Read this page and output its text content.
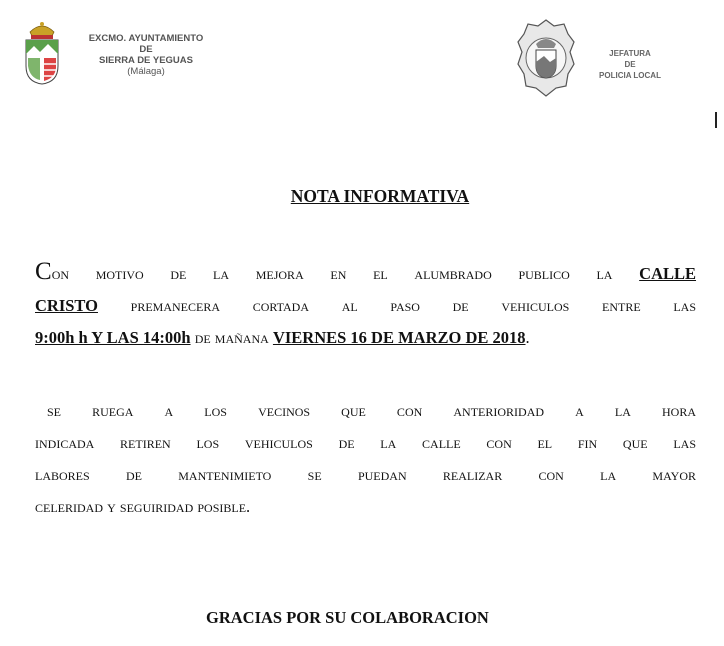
EXCMO. AYUNTAMIENTO
DE
SIERRA DE YEGUAS
(Málaga)
JEFATURA
DE
POLICIA LOCAL
NOTA INFORMATIVA
Con motivo de la mejora en el alumbrado publico la CALLE
CRISTO premanecera cortada al paso de vehiculos entre las
9:00h h Y LAS 14:00h de mañana VIERNES 16 DE MARZO DE 2018.
se ruega a los vecinos que con anterioridad a la hora
indicada retiren los vehiculos de la calle con el fin que las
labores de mantenimieto se puedan realizar con la mayor
celeridad y seguiridad posible.
GRACIAS POR SU COLABORACION
